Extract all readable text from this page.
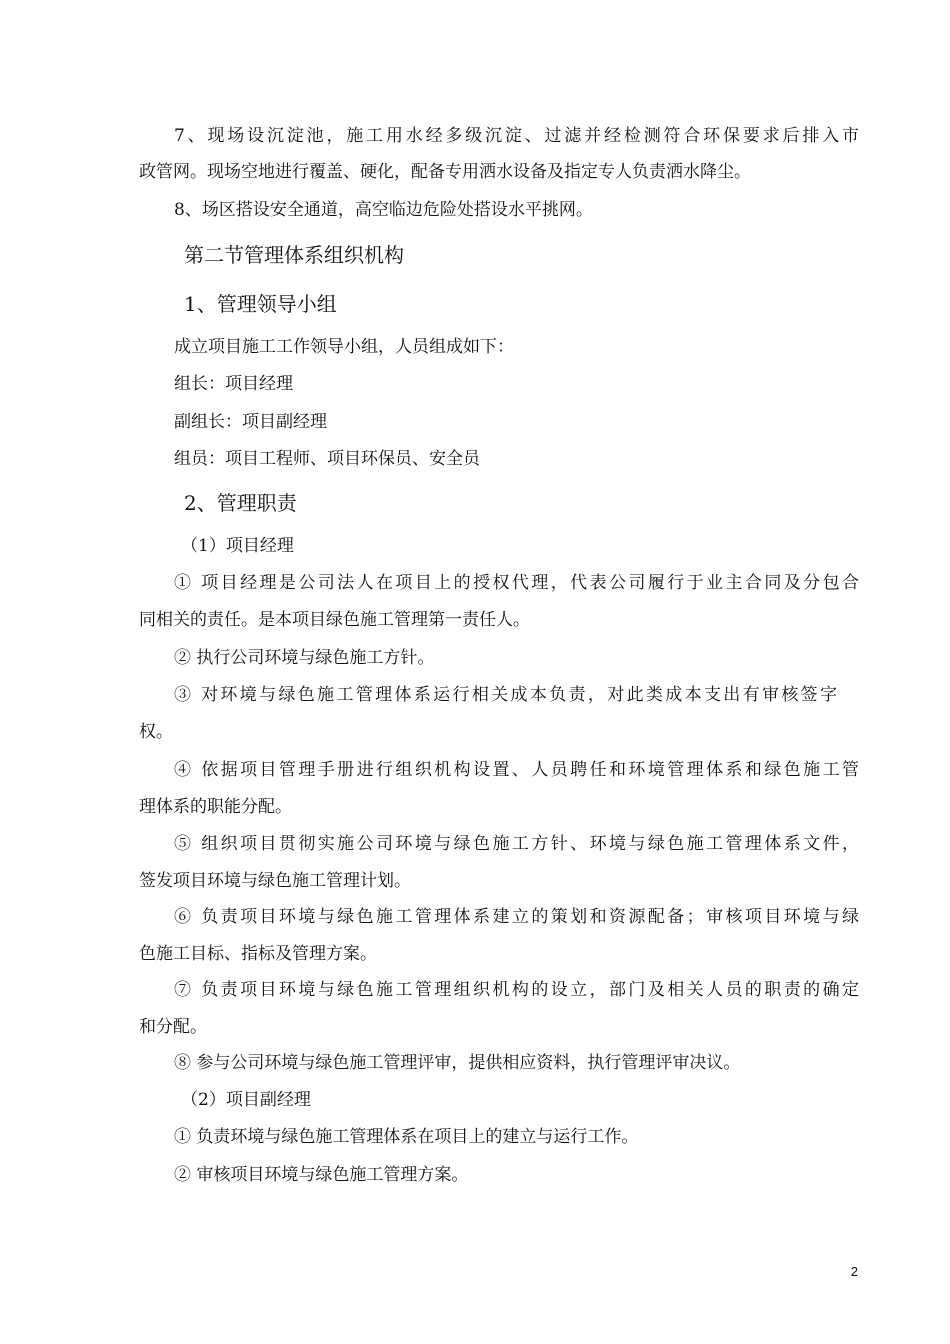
7、现场设沉淀池，施工用水经多级沉淀、过滤并经检测符合环保要求后排入市
政管网。现场空地进行覆盖、硬化，配备专用洒水设备及指定专人负责洒水降尘。
8、场区搭设安全通道，高空临边危险处搭设水平挑网。
第二节管理体系组织机构
1、管理领导小组
成立项目施工工作领导小组，人员组成如下：
组长：项目经理
副组长：项目副经理
组员：项目工程师、项目环保员、安全员
2、管理职责
（1）项目经理
① 项目经理是公司法人在项目上的授权代理，代表公司履行于业主合同及分包合
同相关的责任。是本项目绿色施工管理第一责任人。
② 执行公司环境与绿色施工方针。
③ 对环境与绿色施工管理体系运行相关成本负责，对此类成本支出有审核签字
权。
④ 依据项目管理手册进行组织机构设置、人员聘任和环境管理体系和绿色施工管
理体系的职能分配。
⑤ 组织项目贯彻实施公司环境与绿色施工方针、环境与绿色施工管理体系文件，
签发项目环境与绿色施工管理计划。
⑥ 负责项目环境与绿色施工管理体系建立的策划和资源配备；审核项目环境与绿
色施工目标、指标及管理方案。
⑦ 负责项目环境与绿色施工管理组织机构的设立，部门及相关人员的职责的确定
和分配。
⑧ 参与公司环境与绿色施工管理评审，提供相应资料，执行管理评审决议。
（2）项目副经理
① 负责环境与绿色施工管理体系在项目上的建立与运行工作。
② 审核项目环境与绿色施工管理方案。
2
